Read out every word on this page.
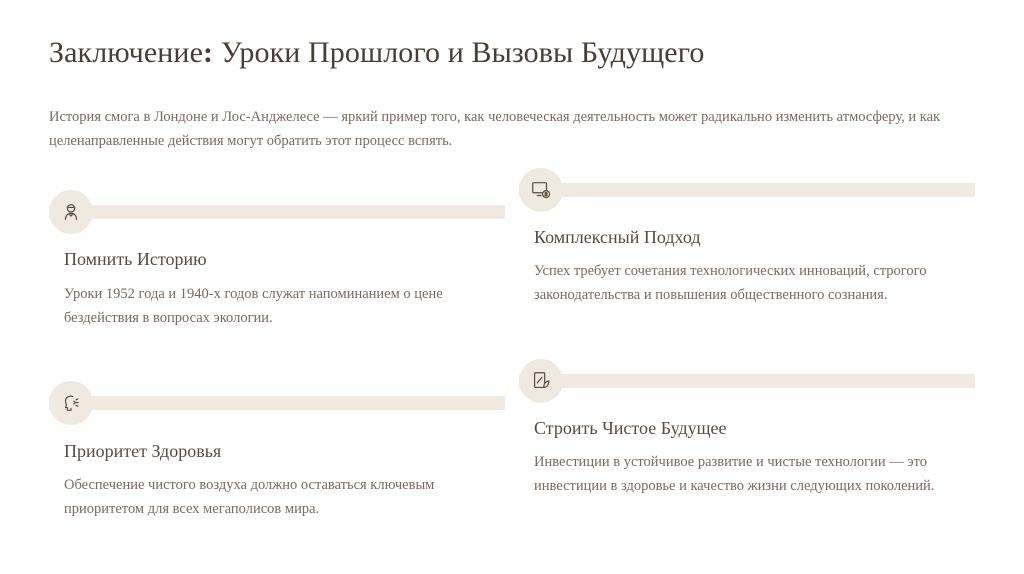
Заключение: Уроки Прошлого и Вызовы Будущего

История смога в Лондоне и Лос-Анджелесе — яркий пример того, как человеческая деятельность может радикально изменить атмосферу, и как целенаправленные действия могут обратить этот процесс вспять.

Помнить Историю

Уроки 1952 года и 1940-х годов служат напоминанием о цене бездействия в вопросах экологии.

Комплексный Подход

Успех требует сочетания технологических инноваций, строгого законодательства и повышения общественного сознания.

Приоритет Здоровья

Обеспечение чистого воздуха должно оставаться ключевым приоритетом для всех мегаполисов мира.

Строить Чистое Будущее

Инвестиции в устойчивое развитие и чистые технологии — это инвестиции в здоровье и качество жизни следующих поколений.
